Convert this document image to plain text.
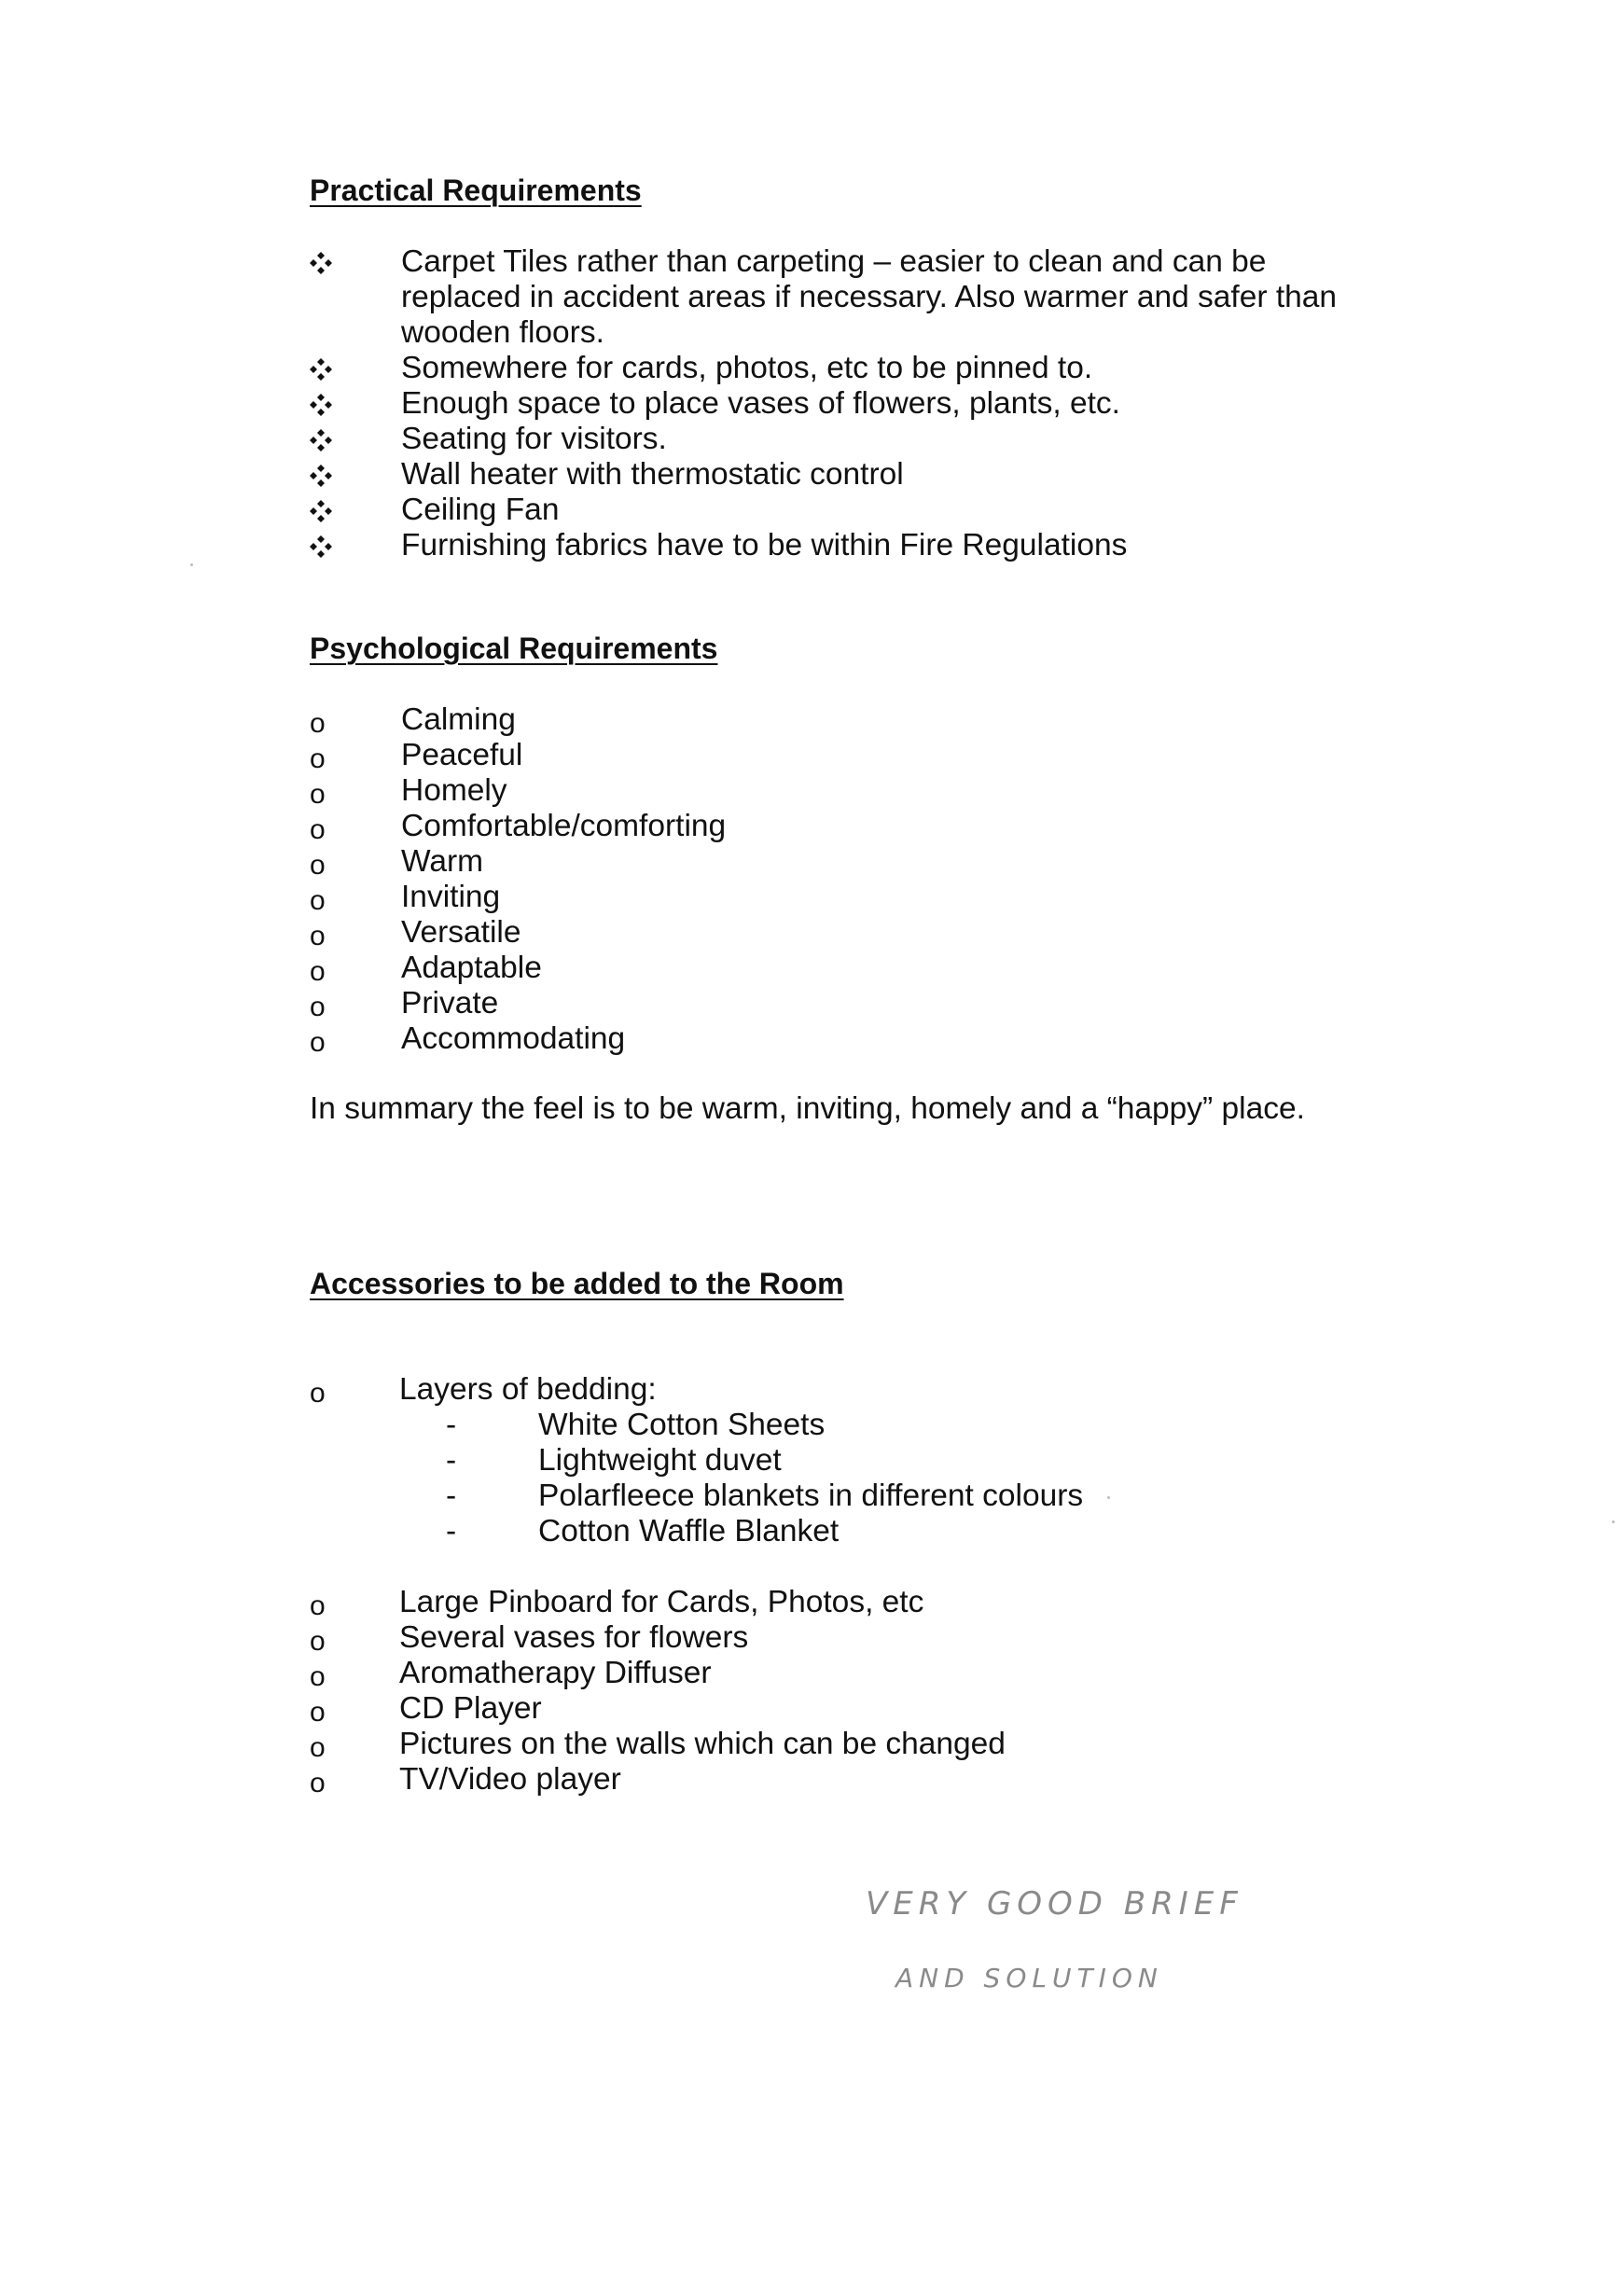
Practical Requirements
Carpet Tiles rather than carpeting – easier to clean and can be
replaced in accident areas if necessary. Also warmer and safer than
wooden floors.
Somewhere for cards, photos, etc to be pinned to.
Enough space to place vases of flowers, plants, etc.
Seating for visitors.
Wall heater with thermostatic control
Ceiling Fan
Furnishing fabrics have to be within Fire Regulations
Psychological Requirements
o	Calming
o	Peaceful
o	Homely
o	Comfortable/comforting
o	Warm
o	Inviting
o	Versatile
o	Adaptable
o	Private
o	Accommodating
In summary the feel is to be warm, inviting, homely and a “happy” place.
Accessories to be added to the Room
o	Layers of bedding:
-	White Cotton Sheets
-	Lightweight duvet
-	Polarfleece blankets in different colours
-	Cotton Waffle Blanket
o	Large Pinboard for Cards, Photos, etc
o	Several vases for flowers
o	Aromatherapy Diffuser
o	CD Player
o	Pictures on the walls which can be changed
o	TV/Video player
VERY GOOD BRIEF
AND SOLUTION
